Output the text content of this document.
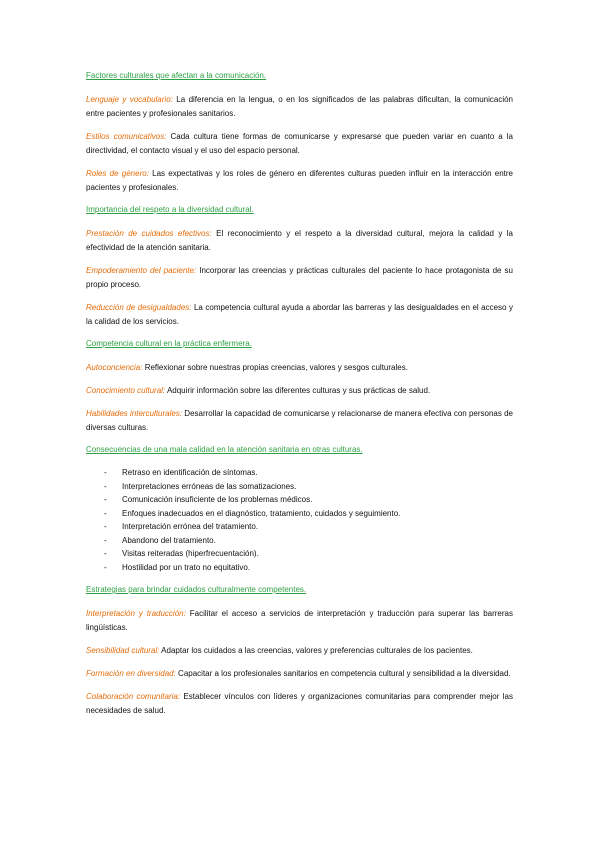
Factores culturales que afectan a la comunicación.

Lenguaje y vocabulario: La diferencia en la lengua, o en los significados de las palabras dificultan, la comunicación entre pacientes y profesionales sanitarios.

Estilos comunicativos: Cada cultura tiene formas de comunicarse y expresarse que pueden variar en cuanto a la directividad, el contacto visual y el uso del espacio personal.

Roles de género: Las expectativas y los roles de género en diferentes culturas pueden influir en la interacción entre pacientes y profesionales.

Importancia del respeto a la diversidad cultural.

Prestación de cuidados efectivos: El reconocimiento y el respeto a la diversidad cultural, mejora la calidad y la efectividad de la atención sanitaria.

Empoderamiento del paciente: Incorporar las creencias y prácticas culturales del paciente lo hace protagonista de su propio proceso.

Reducción de desigualdades: La competencia cultural ayuda a abordar las barreras y las desigualdades en el acceso y la calidad de los servicios.

Competencia cultural en la práctica enfermera.

Autoconciencia: Reflexionar sobre nuestras propias creencias, valores y sesgos culturales.

Conocimiento cultural: Adquirir información sobre las diferentes culturas y sus prácticas de salud.

Habilidades interculturales: Desarrollar la capacidad de comunicarse y relacionarse de manera efectiva con personas de diversas culturas.

Consecuencias de una mala calidad en la atención sanitaria en otras culturas.
- Retraso en identificación de síntomas.
- Interpretaciones erróneas de las somatizaciones.
- Comunicación insuficiente de los problemas médicos.
- Enfoques inadecuados en el diagnóstico, tratamiento, cuidados y seguimiento.
- Interpretación errónea del tratamiento.
- Abandono del tratamiento.
- Visitas reiteradas (hiperfrecuentación).
- Hostilidad por un trato no equitativo.
Estrategias para brindar cuidados culturalmente competentes.

Interpretación y traducción: Facilitar el acceso a servicios de interpretación y traducción para superar las barreras lingüísticas.

Sensibilidad cultural: Adaptar los cuidados a las creencias, valores y preferencias culturales de los pacientes.

Formación en diversidad: Capacitar a los profesionales sanitarios en competencia cultural y sensibilidad a la diversidad.

Colaboración comunitaria: Establecer vínculos con líderes y organizaciones comunitarias para comprender mejor las necesidades de salud.
